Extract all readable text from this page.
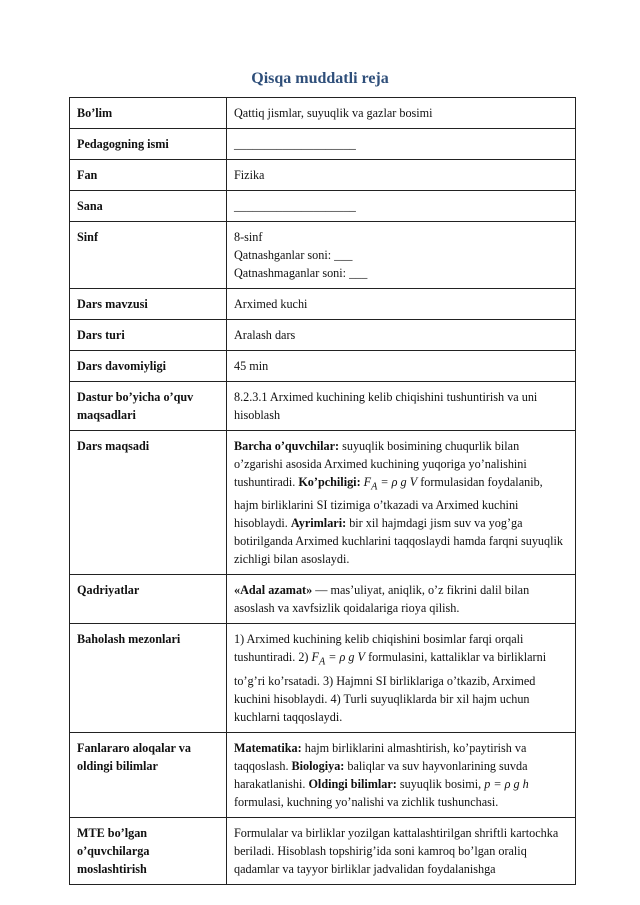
Qisqa muddatli reja
Bo’lim	Qattiq jismlar, suyuqlik va gazlar bosimi
Pedagogning ismi	____________________
Fan	Fizika
Sana	____________________
Sinf	8-sinf
Qatnashganlar soni: ___
Qatnashmaganlar soni: ___

Dars mavzusi	Arximed kuchi
Dars turi	Aralash dars
Dars davomiyligi	45 min
Dastur bo’yicha o’quv maqsadlari	8.2.3.1 Arximed kuchining kelib chiqishini tushuntirish va uni hisoblash
Dars maqsadi	Barcha o’quvchilar: suyuqlik bosimining chuqurlik bilan o’zgarishi asosida Arximed kuchining yuqoriga yo’nalishini tushuntiradi. Ko’pchiligi: $F_A = \rho$ g V formulasidan foydalanib, hajm birliklarini SI tizimiga o’tkazadi va Arximed kuchini hisoblaydi. Ayrimlari: bir xil hajmdagi jism suv va yog’ga botirilganda Arximed kuchlarini taqqoslaydi hamda farqni suyuqlik zichligi bilan asoslaydi.
Qadriyatlar	«Adal azamat» — mas’uliyat, aniqlik, o’z fikrini dalil bilan asoslash va xavfsizlik qoidalariga rioya qilish.
Baholash mezonlari	1) Arximed kuchining kelib chiqishini bosimlar farqi orqali tushuntiradi. 2) $F_A = \rho$ g V formulasini, kattaliklar va birliklarni to’g’ri ko’rsatadi. 3) Hajmni SI birliklariga o’tkazib, Arximed kuchini hisoblaydi. 4) Turli suyuqliklarda bir xil hajm uchun kuchlarni taqqoslaydi.
Fanlararo aloqalar va oldingi bilimlar	Matematika: hajm birliklarini almashtirish, ko’paytirish va taqqoslash. Biologiya: baliqlar va suv hayvonlarining suvda harakatlanishi. Oldingi bilimlar: suyuqlik bosimi, p = ρ g h formulasi, kuchning yo’nalishi va zichlik tushunchasi.
MTE bo’lgan o’quvchilarga moslashtirish	Formulalar va birliklar yozilgan kattalashtirilgan shriftli kartochka beriladi. Hisoblash topshirig’ida soni kamroq bo’lgan oraliq qadamlar va tayyor birliklar jadvalidan foydalanishga
